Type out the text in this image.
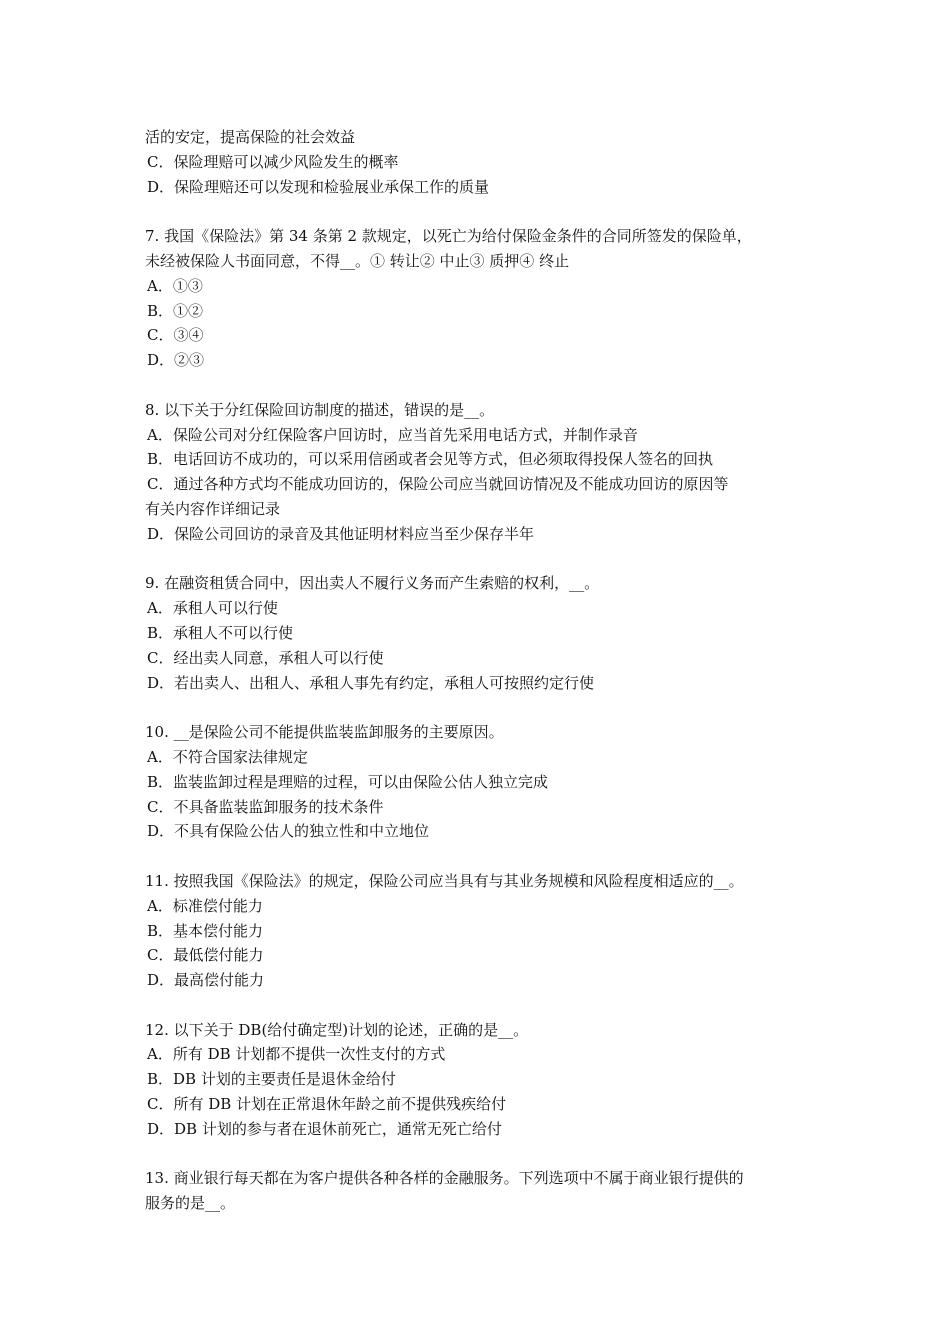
活的安定，提高保险的社会效益
C．保险理赔可以减少风险发生的概率
D．保险理赔还可以发现和检验展业承保工作的质量
7. 我国《保险法》第 34 条第 2 款规定，以死亡为给付保险金条件的合同所签发的保险单，
未经被保险人书面同意，不得__。① 转让② 中止③ 质押④ 终止
A．①③
B．①②
C．③④
D．②③
8. 以下关于分红保险回访制度的描述，错误的是__。
A．保险公司对分红保险客户回访时，应当首先采用电话方式，并制作录音
B．电话回访不成功的，可以采用信函或者会见等方式，但必须取得投保人签名的回执
C．通过各种方式均不能成功回访的，保险公司应当就回访情况及不能成功回访的原因等
有关内容作详细记录
D．保险公司回访的录音及其他证明材料应当至少保存半年
9. 在融资租赁合同中，因出卖人不履行义务而产生索赔的权利，__。
A．承租人可以行使
B．承租人不可以行使
C．经出卖人同意，承租人可以行使
D．若出卖人、出租人、承租人事先有约定，承租人可按照约定行使
10. __是保险公司不能提供监装监卸服务的主要原因。
A．不符合国家法律规定
B．监装监卸过程是理赔的过程，可以由保险公估人独立完成
C．不具备监装监卸服务的技术条件
D．不具有保险公估人的独立性和中立地位
11. 按照我国《保险法》的规定，保险公司应当具有与其业务规模和风险程度相适应的__。
A．标准偿付能力
B．基本偿付能力
C．最低偿付能力
D．最高偿付能力
12. 以下关于 DB(给付确定型)计划的论述，正确的是__。
A．所有 DB 计划都不提供一次性支付的方式
B．DB 计划的主要责任是退休金给付
C．所有 DB 计划在正常退休年龄之前不提供残疾给付
D．DB 计划的参与者在退休前死亡，通常无死亡给付
13. 商业银行每天都在为客户提供各种各样的金融服务。下列选项中不属于商业银行提供的
服务的是__。
